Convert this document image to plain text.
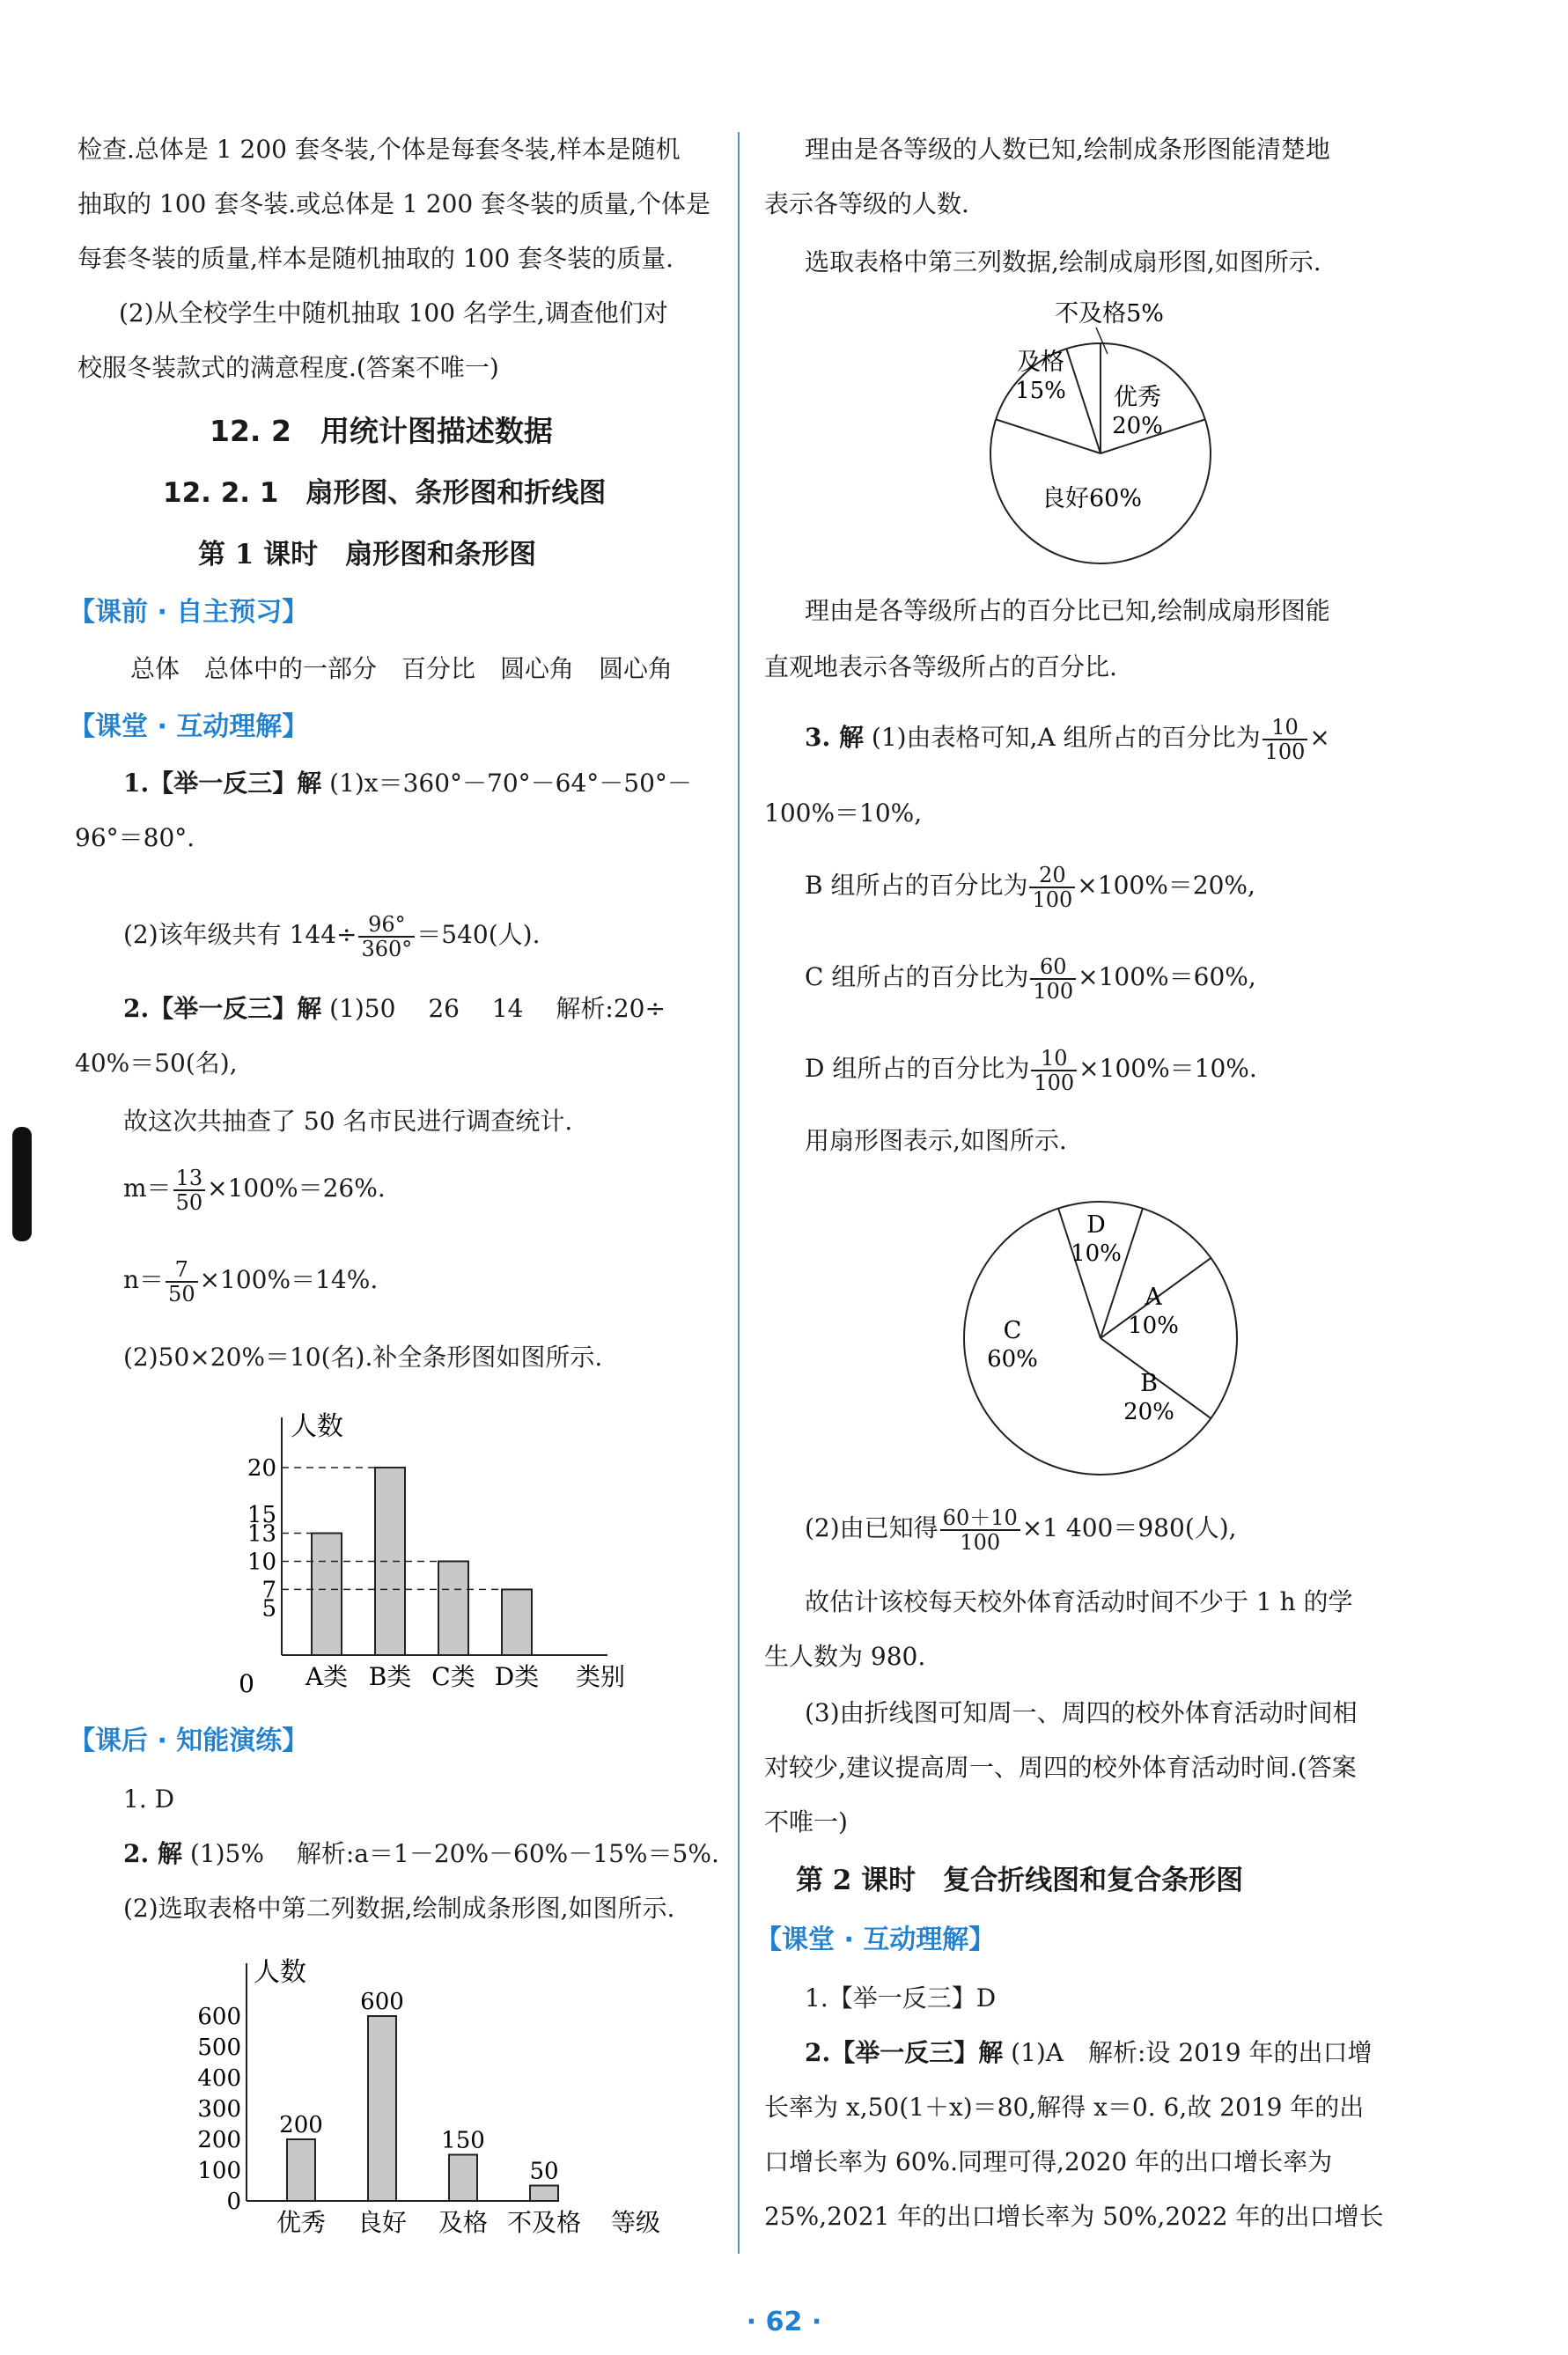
检查.总体是 1 200 套冬装,个体是每套冬装,样本是随机
抽取的 100 套冬装.或总体是 1 200 套冬装的质量,个体是
每套冬装的质量,样本是随机抽取的 100 套冬装的质量.
(2)从全校学生中随机抽取 100 名学生,调查他们对
校服冬装款式的满意程度.(答案不唯一)
12. 2　用统计图描述数据
12. 2. 1　扇形图、条形图和折线图
第 1 课时　扇形图和条形图
【课前 · 自主预习】
总体　总体中的一部分　百分比　圆心角　圆心角
【课堂 · 互动理解】
1.【举一反三】解 (1)x＝360°－70°－64°－50°－
96°＝80°.
(2)该年级共有 $144\div \frac{96^\circ}{360^\circ} =540$(人).
2.【举一反三】解 (1)50　 26　 14　 解析:20÷
40%＝50(名),
故这次共抽查了 50 名市民进行调查统计.
$m= \frac{13}{50} \times 100\%=26\%$.
$n= \frac{7}{50} \times 100\%=14\%$.
(2)50×20%＝10(名).补全条形图如图所示.
人数
0
20
15
13
10
7
5
A类 B类 C类 D类 类别
【课后 · 知能演练】
1. D
2. 解 (1)5%　 解析:a＝1－20%－60%－15%＝5%.
(2)选取表格中第二列数据,绘制成条形图,如图所示.
人数
600
500
400
300
200
100
0
200
优秀
600
良好
150
及格
50
不及格 等级
理由是各等级的人数已知,绘制成条形图能清楚地
表示各等级的人数.
选取表格中第三列数据,绘制成扇形图,如图所示.
不及格5%
优秀
20%
良好60%
及格
15%
理由是各等级所占的百分比已知,绘制成扇形图能
直观地表示各等级所占的百分比.
3. 解 (1)由表格可知,A 组所占的百分比为 $\frac{10}{100}$ ×
100%＝10%,
B 组所占的百分比为 $\frac{20}{100} \times 100\%=20\%$,
C 组所占的百分比为 $\frac{60}{100} \times 100\%=60\%$,
D 组所占的百分比为 $\frac{10}{100} \times 100\%=10\%$.
用扇形图表示,如图所示.
A
10%
B
20%
C
60%
D
10%
(2)由已知得 $\frac{60+10}{100} \times 1$ 400＝980(人),
故估计该校每天校外体育活动时间不少于 1 h 的学
生人数为 980.
(3)由折线图可知周一、周四的校外体育活动时间相
对较少,建议提高周一、周四的校外体育活动时间.(答案
不唯一)
第 2 课时　复合折线图和复合条形图
【课堂 · 互动理解】
1.【举一反三】D
2.【举一反三】解 (1)A　解析:设 2019 年的出口增
长率为 x,50(1＋x)＝80,解得 x＝0. 6,故 2019 年的出
口增长率为 60%.同理可得,2020 年的出口增长率为
25%,2021 年的出口增长率为 50%,2022 年的出口增长
· 62 ·
